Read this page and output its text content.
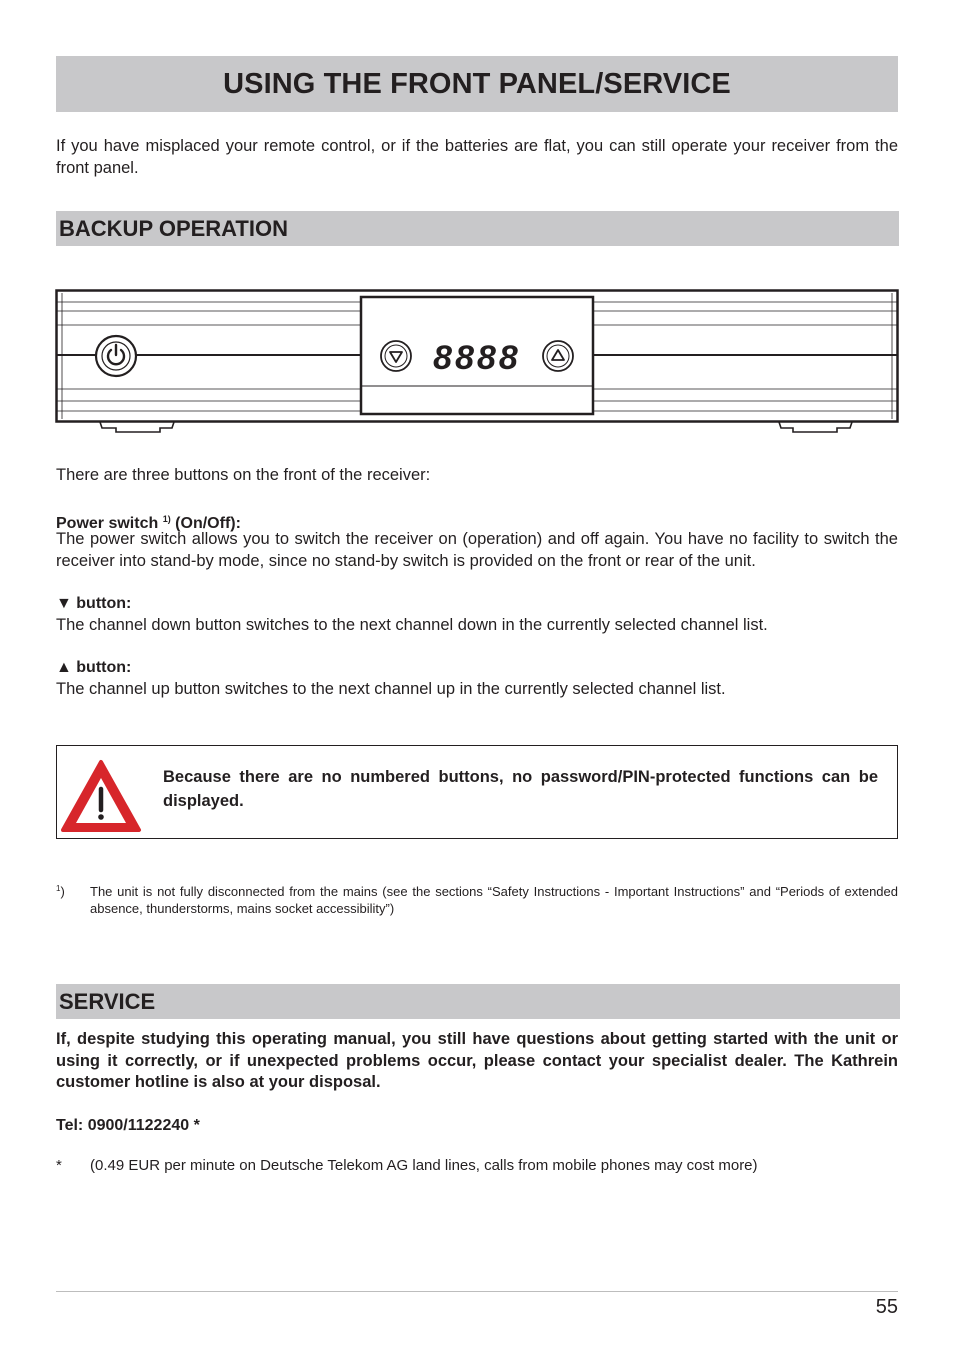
USING THE FRONT PANEL/SERVICE

If you have misplaced your remote control, or if the batteries are flat, you can still operate your receiver from the front panel.

BACKUP OPERATION
8888

There are three buttons on the front of the receiver:

Power switch $^{1)}$ (On/Off):

The power switch allows you to switch the receiver on (operation) and off again. You have no facility to switch the receiver into stand-by mode, since no stand-by switch is provided on the front or rear of the unit.

▼ button:

The channel down button switches to the next channel down in the currently selected channel list.

▲ button:

The channel up button switches to the next channel up in the currently selected channel list.

Because there are no numbered buttons, no password/PIN-protected functions can be displayed.

$^1$) The unit is not fully disconnected from the mains (see the sections “Safety Instructions - Important Instructions” and “Periods of extended absence, thunderstorms, mains socket accessibility”)

SERVICE

If, despite studying this operating manual, you still have questions about getting started with the unit or using it correctly, or if unexpected problems occur, please contact your specialist dealer. The Kathrein customer hotline is also at your disposal.

Tel: 0900/1122240 *

* (0.49 EUR per minute on Deutsche Telekom AG land lines, calls from mobile phones may cost more)

55
